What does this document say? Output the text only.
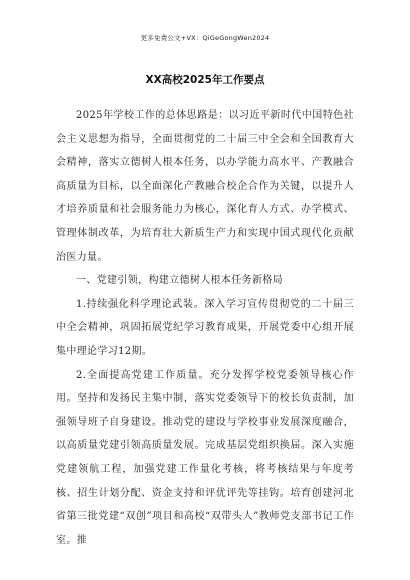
更多免费公文+VX：QiGeGongWen2024
XX高校2025年工作要点

2025年学校工作的总体思路是：以习近平新时代中国特色社会主义思想为指导，全面贯彻党的二十届三中全会和全国教育大会精神，落实立德树人根本任务，以办学能力高水平、产教融合高质量为目标，以全面深化产教融合校企合作为关键，以提升人才培养质量和社会服务能力为核心，深化育人方式、办学模式、管理体制改革，为培育壮大新质生产力和实现中国式现代化贡献治医力量。

一、党建引领，构建立德树人根本任务新格局

1.持续强化科学理论武装。深入学习宣传贯彻党的二十届三中全会精神，巩固拓展党纪学习教育成果，开展党委中心组开展集中理论学习12期。

2.全面提高党建工作质量。充分发挥学校党委领导核心作用。坚持和发扬民主集中制，落实党委领导下的校长负责制，加强领导班子自身建设。推动党的建设与学校事业发展深度融合，以高质量党建引领高质量发展。完成基层党组织换届。深入实施党建领航工程，加强党建工作量化考核，将考核结果与年度考核、招生计划分配、资金支持和评优评先等挂钩。培育创建河北省第三批党建“双创”项目和高校“双带头人”教师党支部书记工作室。推
